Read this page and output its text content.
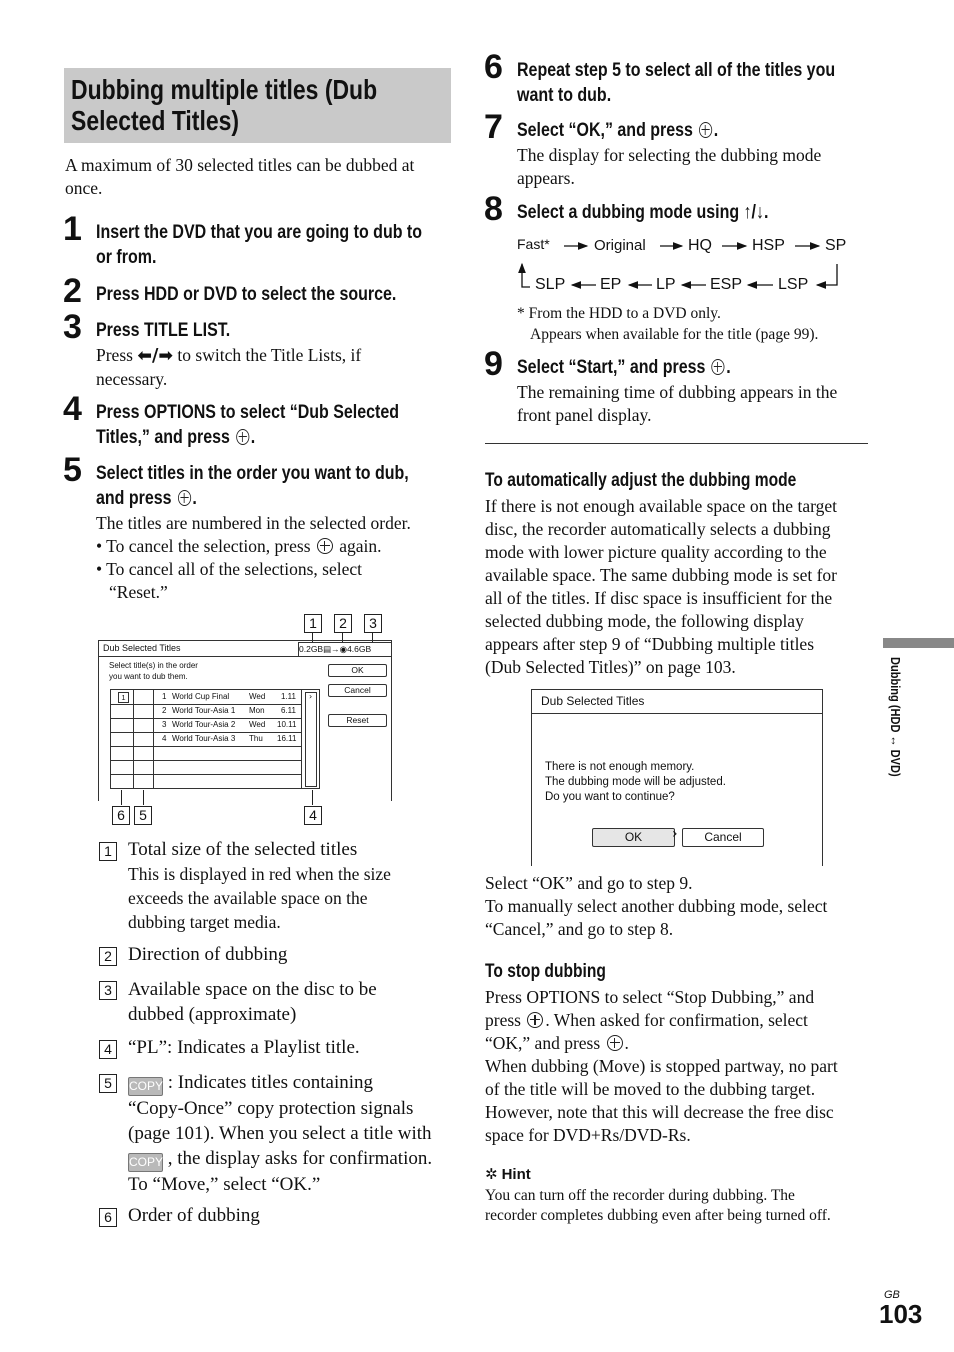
Dubbing multiple titles (Dub
Selected Titles)
A maximum of 30 selected titles can be dubbed at
once.
1 Insert the DVD that you are going to dub to
or from.
2 Press HDD or DVD to select the source.
3 Press TITLE LIST.
Press ⬅/➡ to switch the Title Lists, if
necessary.
4 Press OPTIONS to select “Dub Selected
Titles,” and press .
5 Select titles in the order you want to dub,
and press .
The titles are numbered in the selected order.
• To cancel the selection, press again.
• To cancel all of the selections, select
“Reset.”
1	2	3
Dub Selected Titles	0.2GB▤→◉4.6GB
Select title(s) in the order
you want to dub them.
OK
Cancel
Reset
1	1 World Cup Final Wed 1.11
2 World Tour-Asia 1 Mon 6.11
3 World Tour-Asia 2 Wed 10.11
4 World Tour-Asia 3 Thu 16.11
›
6	5	4
1 Total size of the selected titles
This is displayed in red when the size
exceeds the available space on the
dubbing target media.
2 Direction of dubbing
3 Available space on the disc to be
dubbed (approximate)
4 “PL”: Indicates a Playlist title.
5	COPY : Indicates titles containing
“Copy-Once” copy protection signals
(page 101). When you select a title with
COPY , the display asks for confirmation.
To “Move,” select “OK.”
6 Order of dubbing
6 Repeat step 5 to select all of the titles you
want to dub.
7 Select “OK,” and press .
The display for selecting the dubbing mode
appears.
8 Select a dubbing mode using ↑/↓.
Fast*	Original	HQ	HSP	SP
SLP EP LP ESP LSP
* From the HDD to a DVD only.
Appears when available for the title (page 99).
9 Select “Start,” and press .
The remaining time of dubbing appears in the
front panel display.
To automatically adjust the dubbing mode
If there is not enough available space on the target
disc, the recorder automatically selects a dubbing
mode with lower picture quality according to the
available space. The same dubbing mode is set for
all of the titles. If disc space is insufficient for the
selected dubbing mode, the following display
appears after step 9 of “Dubbing multiple titles
(Dub Selected Titles)” on page 103.
Dub Selected Titles
There is not enough memory.
The dubbing mode will be adjusted.
Do you want to continue?
OK	›	Cancel
Select “OK” and go to step 9.
To manually select another dubbing mode, select
“Cancel,” and go to step 8.
To stop dubbing
Press OPTIONS to select “Stop Dubbing,” and
press . When asked for confirmation, select
“OK,” and press .
When dubbing (Move) is stopped partway, no part
of the title will be moved to the dubbing target.
However, note that this will decrease the free disc
space for DVD+Rs/DVD-Rs.
✲ Hint
You can turn off the recorder during dubbing. The
recorder completes dubbing even after being turned off.
Dubbing (HDD ↔ DVD)
GB
103
